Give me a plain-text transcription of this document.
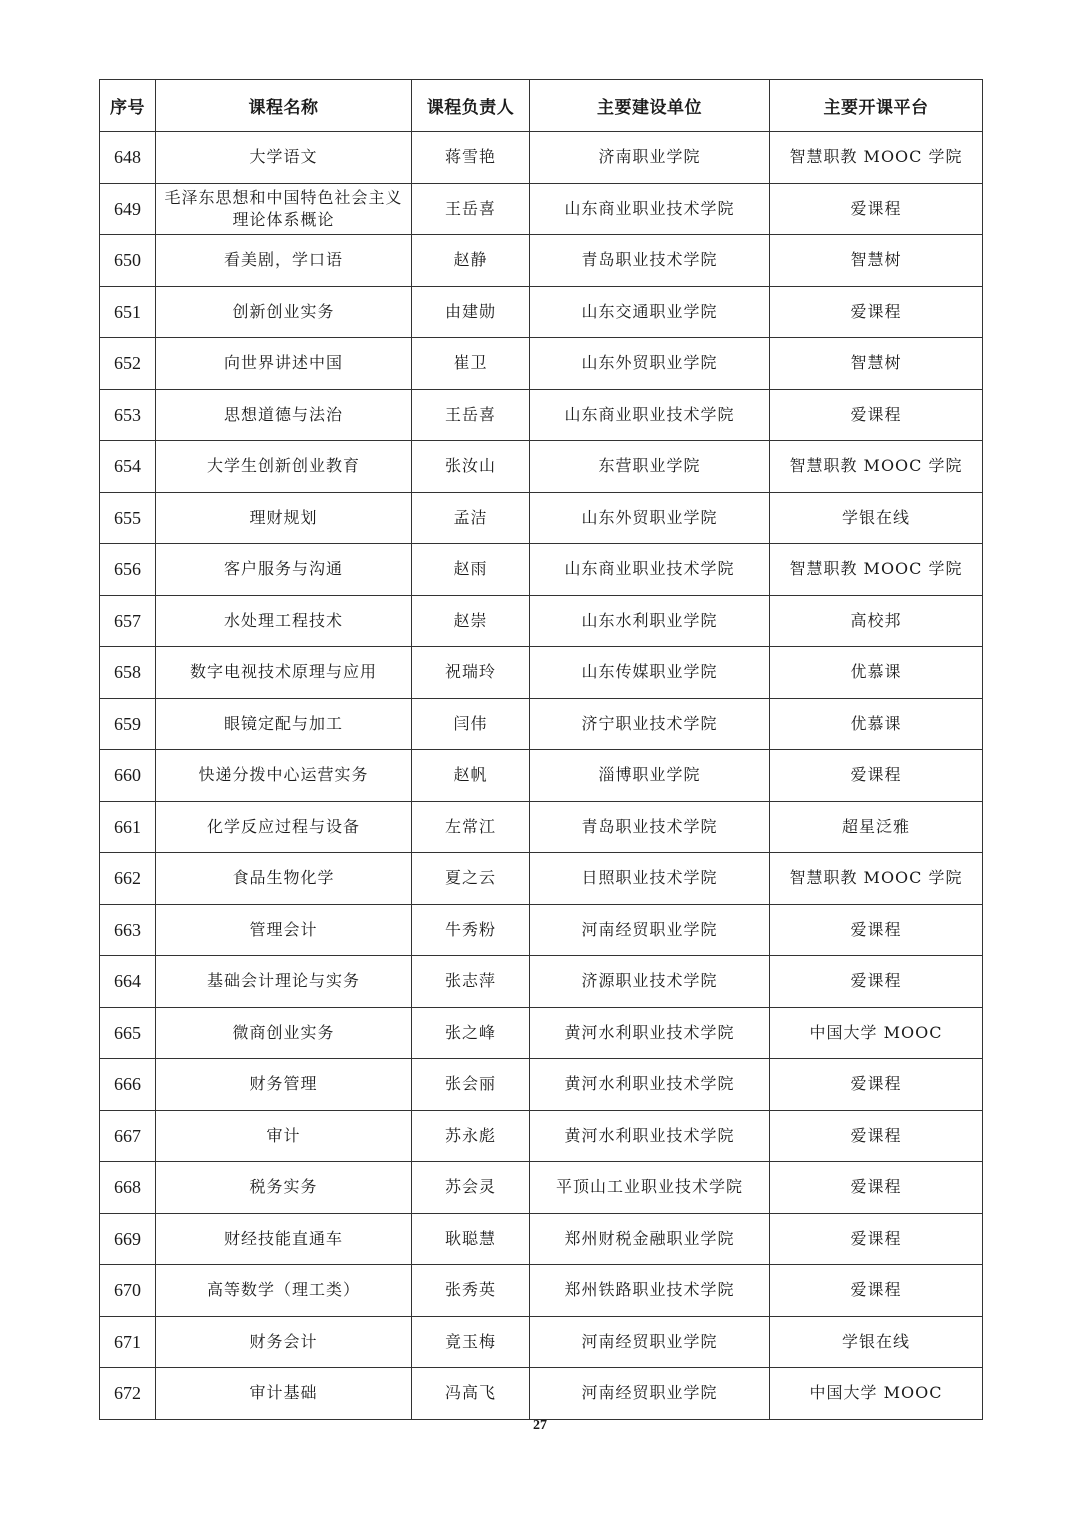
序号	课程名称	课程负责人	主要建设单位	主要开课平台
648	大学语文	蒋雪艳	济南职业学院	智慧职教 MOOC 学院
649	毛泽东思想和中国特色社会主义理论体系概论	王岳喜	山东商业职业技术学院	爱课程
650	看美剧，学口语	赵静	青岛职业技术学院	智慧树
651	创新创业实务	由建勋	山东交通职业学院	爱课程
652	向世界讲述中国	崔卫	山东外贸职业学院	智慧树
653	思想道德与法治	王岳喜	山东商业职业技术学院	爱课程
654	大学生创新创业教育	张汝山	东营职业学院	智慧职教 MOOC 学院
655	理财规划	孟洁	山东外贸职业学院	学银在线
656	客户服务与沟通	赵雨	山东商业职业技术学院	智慧职教 MOOC 学院
657	水处理工程技术	赵崇	山东水利职业学院	高校邦
658	数字电视技术原理与应用	祝瑞玲	山东传媒职业学院	优慕课
659	眼镜定配与加工	闫伟	济宁职业技术学院	优慕课
660	快递分拨中心运营实务	赵帆	淄博职业学院	爱课程
661	化学反应过程与设备	左常江	青岛职业技术学院	超星泛雅
662	食品生物化学	夏之云	日照职业技术学院	智慧职教 MOOC 学院
663	管理会计	牛秀粉	河南经贸职业学院	爱课程
664	基础会计理论与实务	张志萍	济源职业技术学院	爱课程
665	微商创业实务	张之峰	黄河水利职业技术学院	中国大学 MOOC
666	财务管理	张会丽	黄河水利职业技术学院	爱课程
667	审计	苏永彪	黄河水利职业技术学院	爱课程
668	税务实务	苏会灵	平顶山工业职业技术学院	爱课程
669	财经技能直通车	耿聪慧	郑州财税金融职业学院	爱课程
670	高等数学（理工类）	张秀英	郑州铁路职业技术学院	爱课程
671	财务会计	竟玉梅	河南经贸职业学院	学银在线
672	审计基础	冯高飞	河南经贸职业学院	中国大学 MOOC
27
